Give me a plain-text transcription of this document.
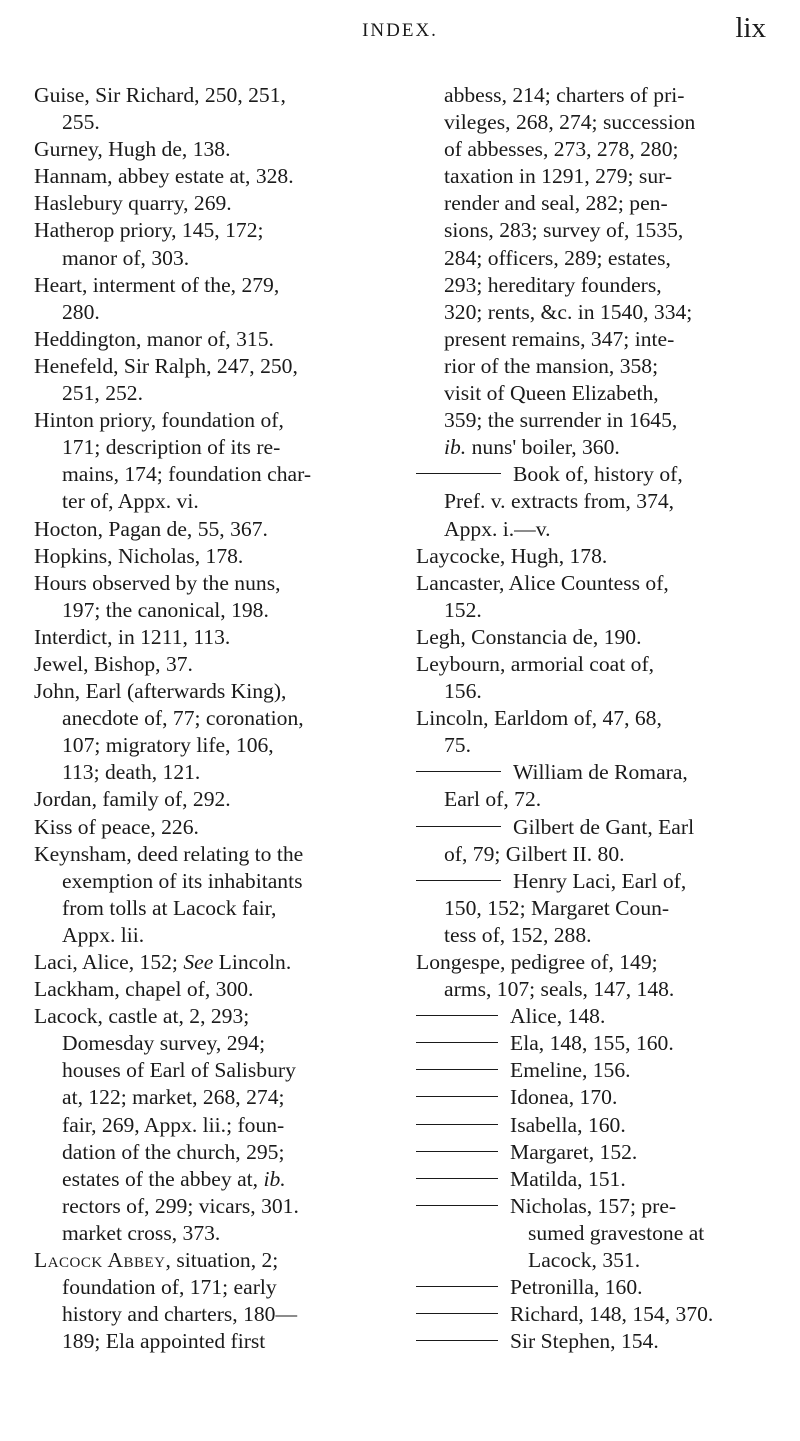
INDEX.	lix
Guise, Sir Richard, 250, 251,
255.
Gurney, Hugh de, 138.
Hannam, abbey estate at, 328.
Haslebury quarry, 269.
Hatherop priory, 145, 172;
manor of, 303.
Heart, interment of the, 279,
280.
Heddington, manor of, 315.
Henefeld, Sir Ralph, 247, 250,
251, 252.
Hinton priory, foundation of,
171; description of its re-
mains, 174; foundation char-
ter of, Appx. vi.
Hocton, Pagan de, 55, 367.
Hopkins, Nicholas, 178.
Hours observed by the nuns,
197; the canonical, 198.
Interdict, in 1211, 113.
Jewel, Bishop, 37.
John, Earl (afterwards King),
anecdote of, 77; coronation,
107; migratory life, 106,
113; death, 121.
Jordan, family of, 292.
Kiss of peace, 226.
Keynsham, deed relating to the
exemption of its inhabitants
from tolls at Lacock fair,
Appx. lii.
Laci, Alice, 152; See Lincoln.
Lackham, chapel of, 300.
Lacock, castle at, 2, 293;
Domesday survey, 294;
houses of Earl of Salisbury
at, 122; market, 268, 274;
fair, 269, Appx. lii.; foun-
dation of the church, 295;
estates of the abbey at, ib.
rectors of, 299; vicars, 301.
market cross, 373.
Lacock Abbey, situation, 2;
foundation of, 171; early
history and charters, 180—
189; Ela appointed first
abbess, 214; charters of pri-
vileges, 268, 274; succession
of abbesses, 273, 278, 280;
taxation in 1291, 279; sur-
render and seal, 282; pen-
sions, 283; survey of, 1535,
284; officers, 289; estates,
293; hereditary founders,
320; rents, &c. in 1540, 334;
present remains, 347; inte-
rior of the mansion, 358;
visit of Queen Elizabeth,
359; the surrender in 1645,
ib. nuns' boiler, 360.
Book of, history of,
Pref. v. extracts from, 374,
Appx. i.—v.
Laycocke, Hugh, 178.
Lancaster, Alice Countess of,
152.
Legh, Constancia de, 190.
Leybourn, armorial coat of,
156.
Lincoln, Earldom of, 47, 68,
75.
William de Romara,
Earl of, 72.
Gilbert de Gant, Earl
of, 79; Gilbert II. 80.
Henry Laci, Earl of,
150, 152; Margaret Coun-
tess of, 152, 288.
Longespe, pedigree of, 149;
arms, 107; seals, 147, 148.
Alice, 148.
Ela, 148, 155, 160.
Emeline, 156.
Idonea, 170.
Isabella, 160.
Margaret, 152.
Matilda, 151.
Nicholas, 157; pre-
sumed gravestone at
Lacock, 351.
Petronilla, 160.
Richard, 148, 154, 370.
Sir Stephen, 154.
